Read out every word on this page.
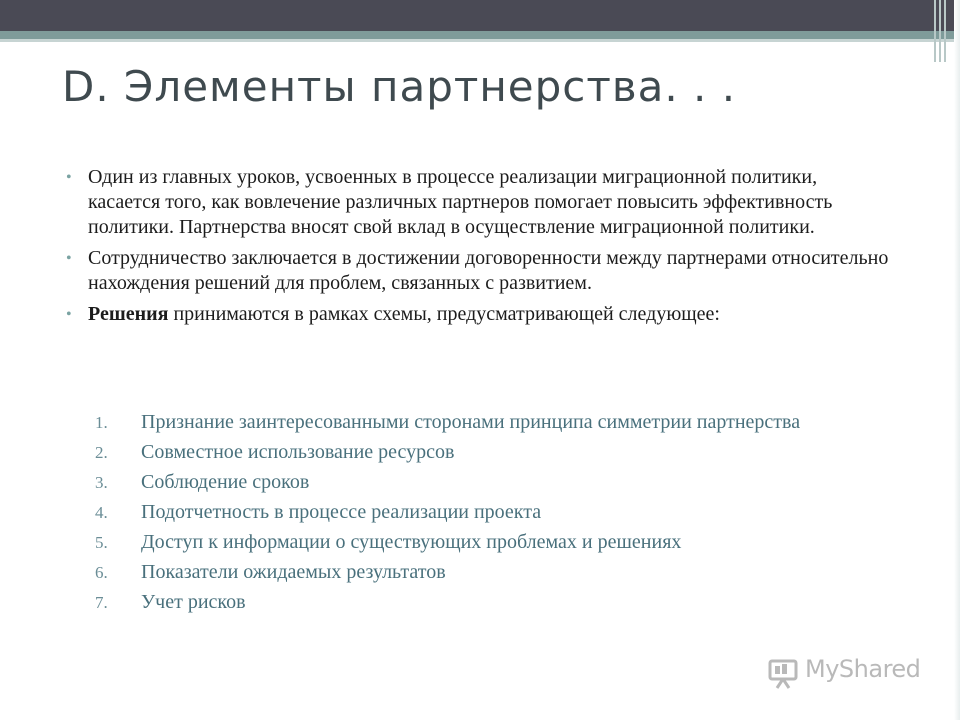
D. Элементы партнерства. . .
• Один из главных уроков, усвоенных в процессе реализации миграционной политики, касается того, как вовлечение различных партнеров помогает повысить эффективность политики. Партнерства вносят свой вклад в осуществление миграционной политики.
• Сотрудничество заключается в достижении договоренности между партнерами относительно нахождения решений для проблем, связанных с развитием.
• Решения принимаются в рамках схемы, предусматривающей следующее:
1.	Признание заинтересованными сторонами принципа симметрии партнерства
2.	Совместное использование ресурсов
3.	Соблюдение сроков
4.	Подотчетность в процессе реализации проекта
5.	Доступ к информации о существующих проблемах и решениях
6.	Показатели ожидаемых результатов
7.	Учет рисков
MyShared
